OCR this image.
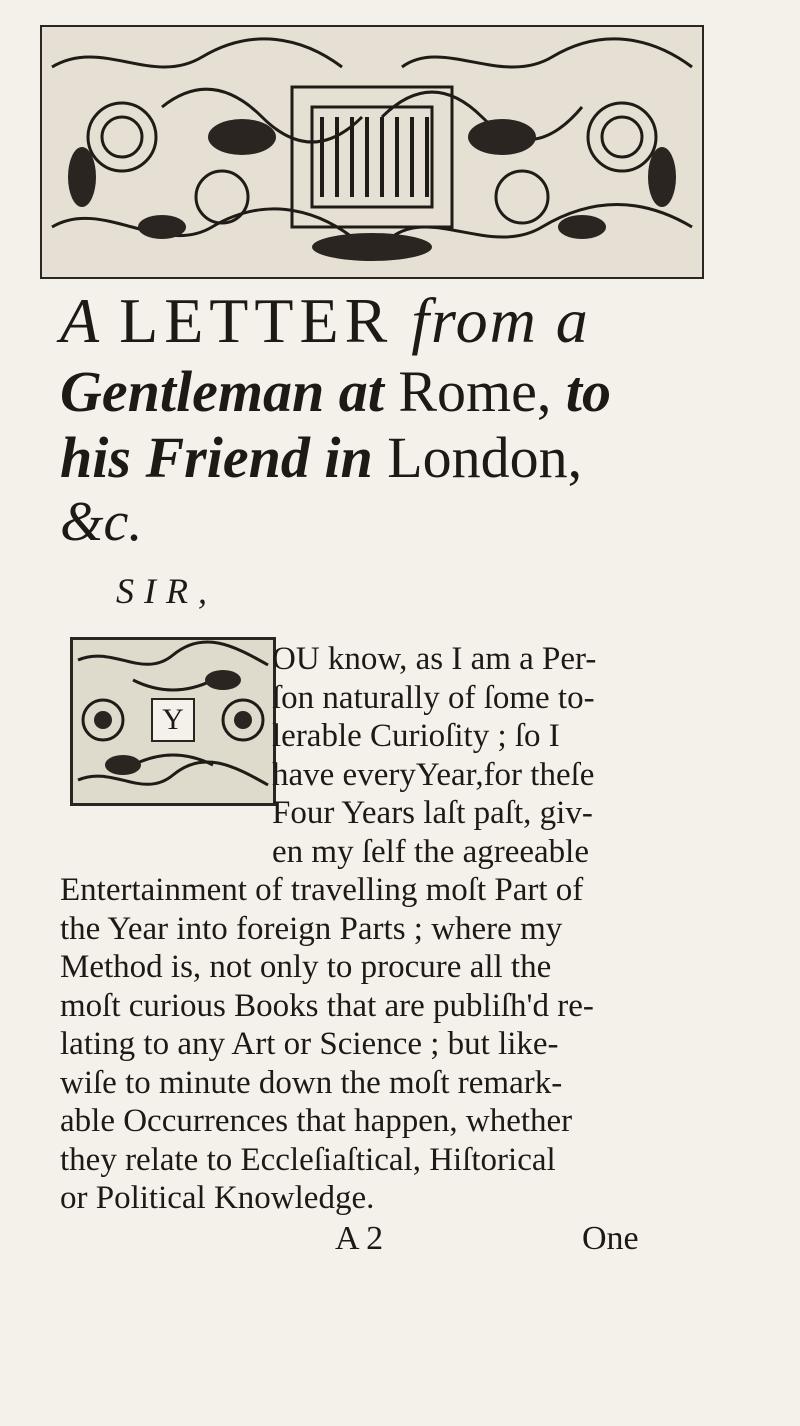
A LETTER from a
Gentleman at Rome, to
his Friend in London,
&c.
SIR,
Y
OU know, as I am a Per-
ſon naturally of ſome to-
lerable Curioſity ; ſo I
have everyYear,for theſe
Four Years laſt paſt, giv-
en my ſelf the agreeable
Entertainment of travelling moſt Part of
the Year into foreign Parts ; where my
Method is, not only to procure all the
moſt curious Books that are publiſh'd re-
lating to any Art or Science ; but like-
wiſe to minute down the moſt remark-
able Occurrences that happen, whether
they relate to Eccleſiaſtical, Hiſtorical
or Political Knowledge.
A 2	One
